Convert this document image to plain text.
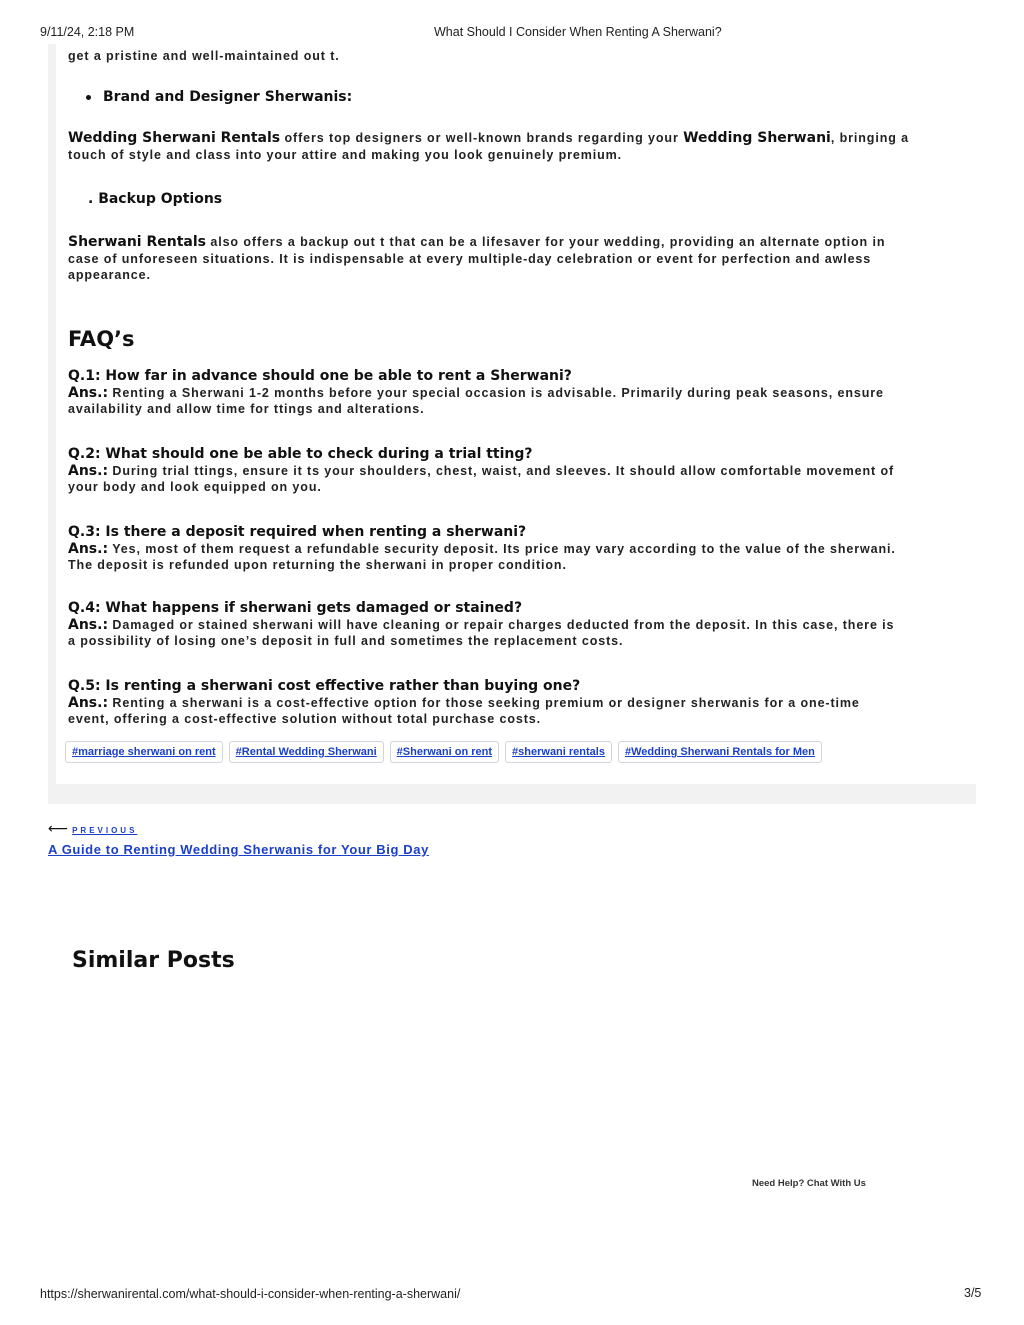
9/11/24, 2:18 PM	What Should I Consider When Renting A Sherwani?

get a pristine and well-maintained out t.

Brand and Designer Sherwanis:

Wedding Sherwani Rentals offers top designers or well-known brands regarding your Wedding Sherwani, bringing a

touch of style and class into your attire and making you look genuinely premium.

. Backup Options

Sherwani Rentals also offers a backup out t that can be a lifesaver for your wedding, providing an alternate option in

case of unforeseen situations. It is indispensable at every multiple-day celebration or event for perfection and awless

appearance.

FAQ’s

Q.1: How far in advance should one be able to rent a Sherwani?

Ans.: Renting a Sherwani 1-2 months before your special occasion is advisable. Primarily during peak seasons, ensure

availability and allow time for ttings and alterations.

Q.2: What should one be able to check during a trial tting?

Ans.: During trial ttings, ensure it ts your shoulders, chest, waist, and sleeves. It should allow comfortable movement of

your body and look equipped on you.

Q.3: Is there a deposit required when renting a sherwani?

Ans.: Yes, most of them request a refundable security deposit. Its price may vary according to the value of the sherwani.

The deposit is refunded upon returning the sherwani in proper condition.

Q.4: What happens if sherwani gets damaged or stained?

Ans.: Damaged or stained sherwani will have cleaning or repair charges deducted from the deposit. In this case, there is

a possibility of losing one’s deposit in full and sometimes the replacement costs.

Q.5: Is renting a sherwani cost effective rather than buying one?

Ans.: Renting a sherwani is a cost-effective option for those seeking premium or designer sherwanis for a one-time

event, offering a cost-effective solution without total purchase costs.

#marriage sherwani on rent	#Rental Wedding Sherwani	#Sherwani on rent	#sherwani rentals	#Wedding Sherwani Rentals for Men
⟵ PREVIOUS
A Guide to Renting Wedding Sherwanis for Your Big Day
Similar Posts
Need Help? Chat With Us
https://sherwanirental.com/what-should-i-consider-when-renting-a-sherwani/	3/5
